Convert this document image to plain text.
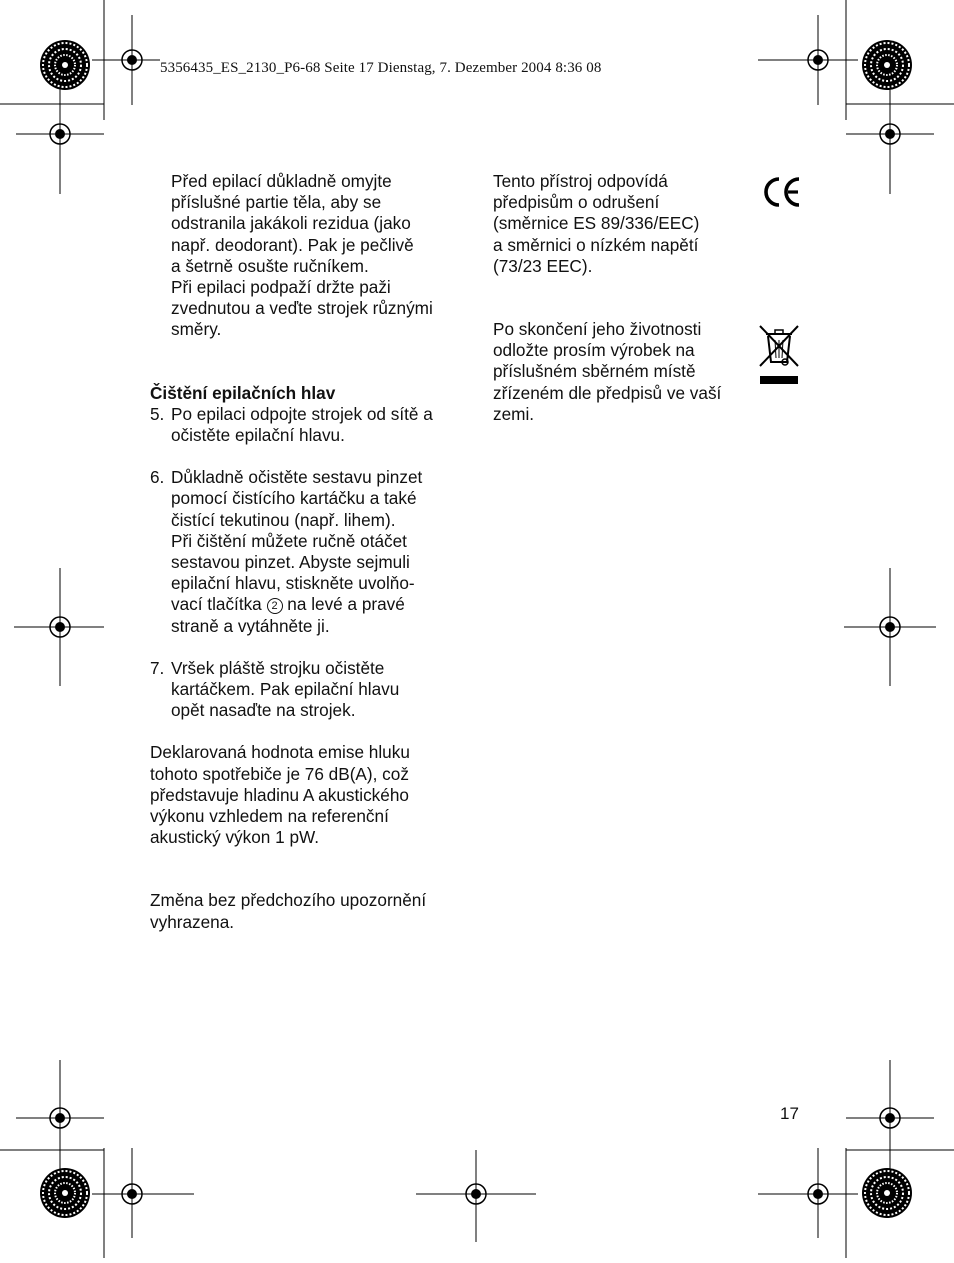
5356435_ES_2130_P6-68 Seite 17 Dienstag, 7. Dezember 2004 8:36 08

Před epilací důkladně omyjte

příslušné partie těla, aby se

odstranila jakákoli rezidua (jako

např. deodorant). Pak je pečlivě

a šetrně osušte ručníkem.

Při epilaci podpaží držte paži

zvednutou a veďte strojek různými

směry.

Čištění epilačních hlav

5. Po epilaci odpojte strojek od sítě a

očistěte epilační hlavu.

6. Důkladně očistěte sestavu pinzet

pomocí čistícího kartáčku a také

čistící tekutinou (např. lihem).

Při čištění můžete ručně otáčet

sestavou pinzet. Abyste sejmuli

epilační hlavu, stiskněte uvolňo-

vací tlačítka 2 na levé a pravé

straně a vytáhněte ji.

7. Vršek pláště strojku očistěte

kartáčkem. Pak epilační hlavu

opět nasaďte na strojek.

Deklarovaná hodnota emise hluku

tohoto spotřebiče je 76 dB(A), což

představuje hladinu A akustického

výkonu vzhledem na referenční

akustický výkon 1 pW.

Změna bez předchozího upozornění

vyhrazena.

Tento přístroj odpovídá

předpisům o odrušení

(směrnice ES 89/336/EEC)

a směrnici o nízkém napětí

(73/23 EEC).

Po skončení jeho životnosti

odložte prosím výrobek na

příslušném sběrném místě

zřízeném dle předpisů ve vaší

zemi.

17
